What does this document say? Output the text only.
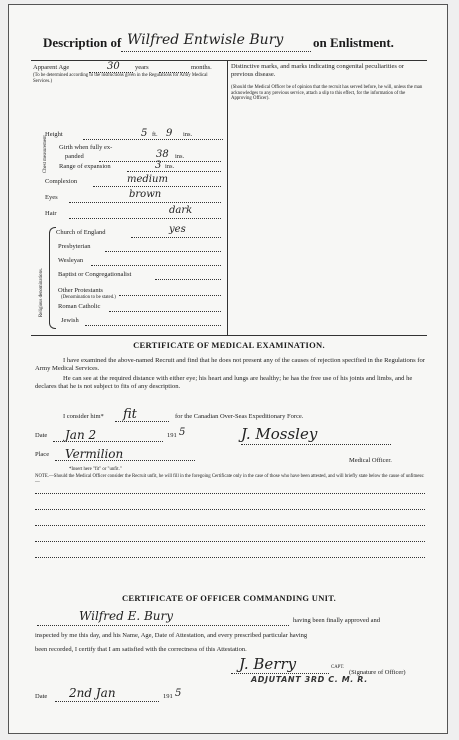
Description of Wilfred Entwisle Bury on Enlistment.
Apparent Age	30 years	months.
(To be determined according to the instructions given in the Regulations for Army Medical Services.)
Height	5 ft. 9 ins.
Chest measurement Girth when fully ex-
panded	38 ins.
Range of expansion	3 ins.
Complexion	medium
Eyes	brown
Hair	dark
Religious denominations.
Church of England	yes
Presbyterian
Wesleyan
Baptist or Congregationalist
Other Protestants
(Denomination to be stated.)
Roman Catholic
Jewish
Distinctive marks, and marks indicating congenital peculiarities or previous disease.
(Should the Medical Officer be of opinion that the recruit has served before, he will, unless the man acknowledges to any previous service, attach a slip to this effect, for the information of the Approving Officer).
CERTIFICATE OF MEDICAL EXAMINATION.
I have examined the above-named Recruit and find that he does not present any of the causes of rejection specified in the Regulations for Army Medical Services.
He can see at the required distance with either eye; his heart and lungs are healthy; he has the free use of his joints and limbs, and he declares that he is not subject to fits of any description.
I consider him* fit	for the Canadian Over-Seas Expeditionary Force.
Date Jan 2	191 5	J. Mossley
Place Vermilion	Medical Officer.
*Insert here "fit" or "unfit."
NOTE.—Should the Medical Officer consider the Recruit unfit, he will fill in the foregoing Certificate only in the case of those who have been attested, and will briefly state below the cause of unfitness:—
CERTIFICATE OF OFFICER COMMANDING UNIT.
Wilfred E. Bury	having been finally approved and
inspected by me this day, and his Name, Age, Date of Attestation, and every prescribed particular having
been recorded, I certify that I am satisfied with the correctness of this Attestation.
J. Berry	CAPT.
(Signature of Officer)
ADJUTANT 3RD C. M. R.
Date 2nd Jan	191 5
